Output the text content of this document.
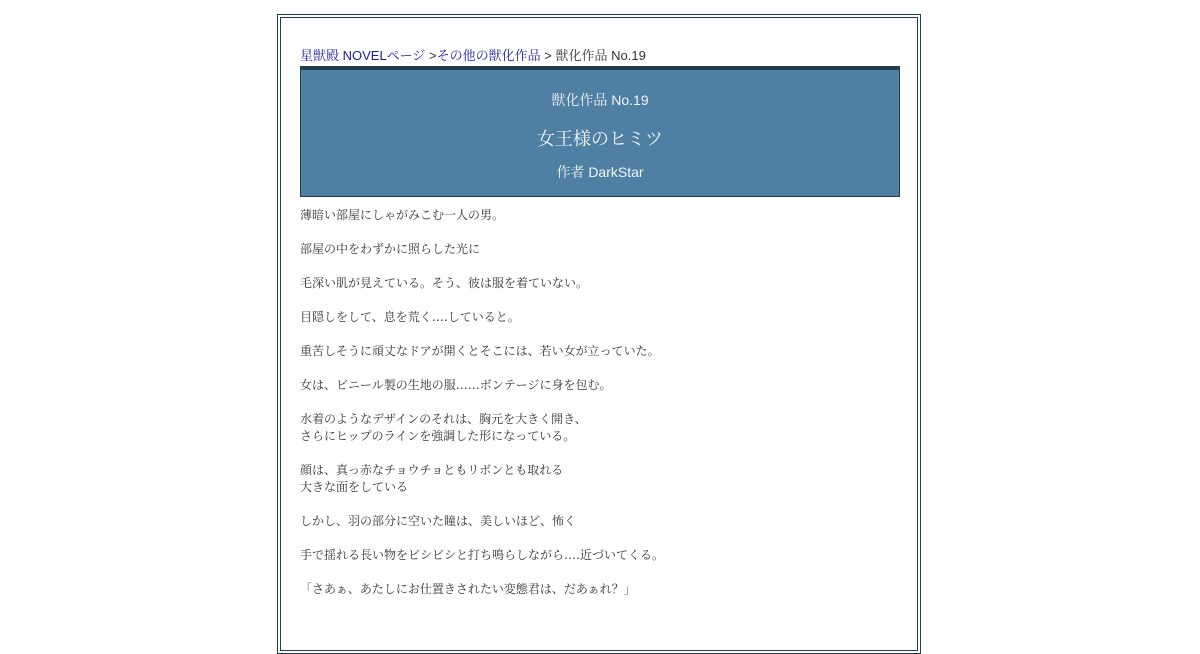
星獣殿 NOVELページ >その他の獣化作品 > 獣化作品 No.19
獣化作品 No.19
女王様のヒミツ
作者 DarkStar

薄暗い部屋にしゃがみこむ一人の男。

部屋の中をわずかに照らした光に

毛深い肌が見えている。そう、彼は服を着ていない。

目隠しをして、息を荒く‥‥していると。

重苦しそうに頑丈なドアが開くとそこには、若い女が立っていた。

女は、ビニール製の生地の服‥‥‥ボンテージに身を包む。

水着のようなデザインのそれは、胸元を大きく開き、
さらにヒップのラインを強調した形になっている。

顔は、真っ赤なチョウチョともリボンとも取れる
大きな面をしている

しかし、羽の部分に空いた瞳は、美しいほど、怖く

手で揺れる長い物をビシビシと打ち鳴らしながら‥‥近づいてくる。

「さあぁ、あたしにお仕置きされたい変態君は、だあぁれ？」
